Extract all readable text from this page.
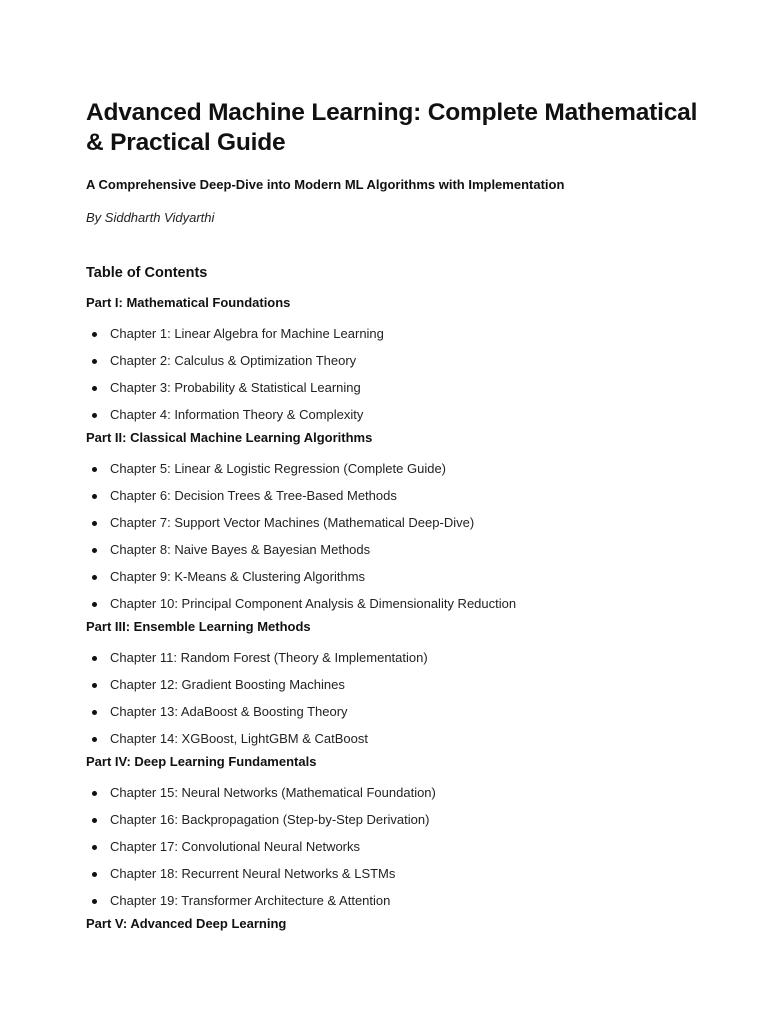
Advanced Machine Learning: Complete Mathematical & Practical Guide

A Comprehensive Deep-Dive into Modern ML Algorithms with Implementation

By Siddharth Vidyarthi

Table of Contents

Part I: Mathematical Foundations

Chapter 1: Linear Algebra for Machine Learning
Chapter 2: Calculus & Optimization Theory
Chapter 3: Probability & Statistical Learning
Chapter 4: Information Theory & Complexity

Part II: Classical Machine Learning Algorithms

Chapter 5: Linear & Logistic Regression (Complete Guide)
Chapter 6: Decision Trees & Tree-Based Methods
Chapter 7: Support Vector Machines (Mathematical Deep-Dive)
Chapter 8: Naive Bayes & Bayesian Methods
Chapter 9: K-Means & Clustering Algorithms
Chapter 10: Principal Component Analysis & Dimensionality Reduction

Part III: Ensemble Learning Methods

Chapter 11: Random Forest (Theory & Implementation)
Chapter 12: Gradient Boosting Machines
Chapter 13: AdaBoost & Boosting Theory
Chapter 14: XGBoost, LightGBM & CatBoost

Part IV: Deep Learning Fundamentals

Chapter 15: Neural Networks (Mathematical Foundation)
Chapter 16: Backpropagation (Step-by-Step Derivation)
Chapter 17: Convolutional Neural Networks
Chapter 18: Recurrent Neural Networks & LSTMs
Chapter 19: Transformer Architecture & Attention

Part V: Advanced Deep Learning
